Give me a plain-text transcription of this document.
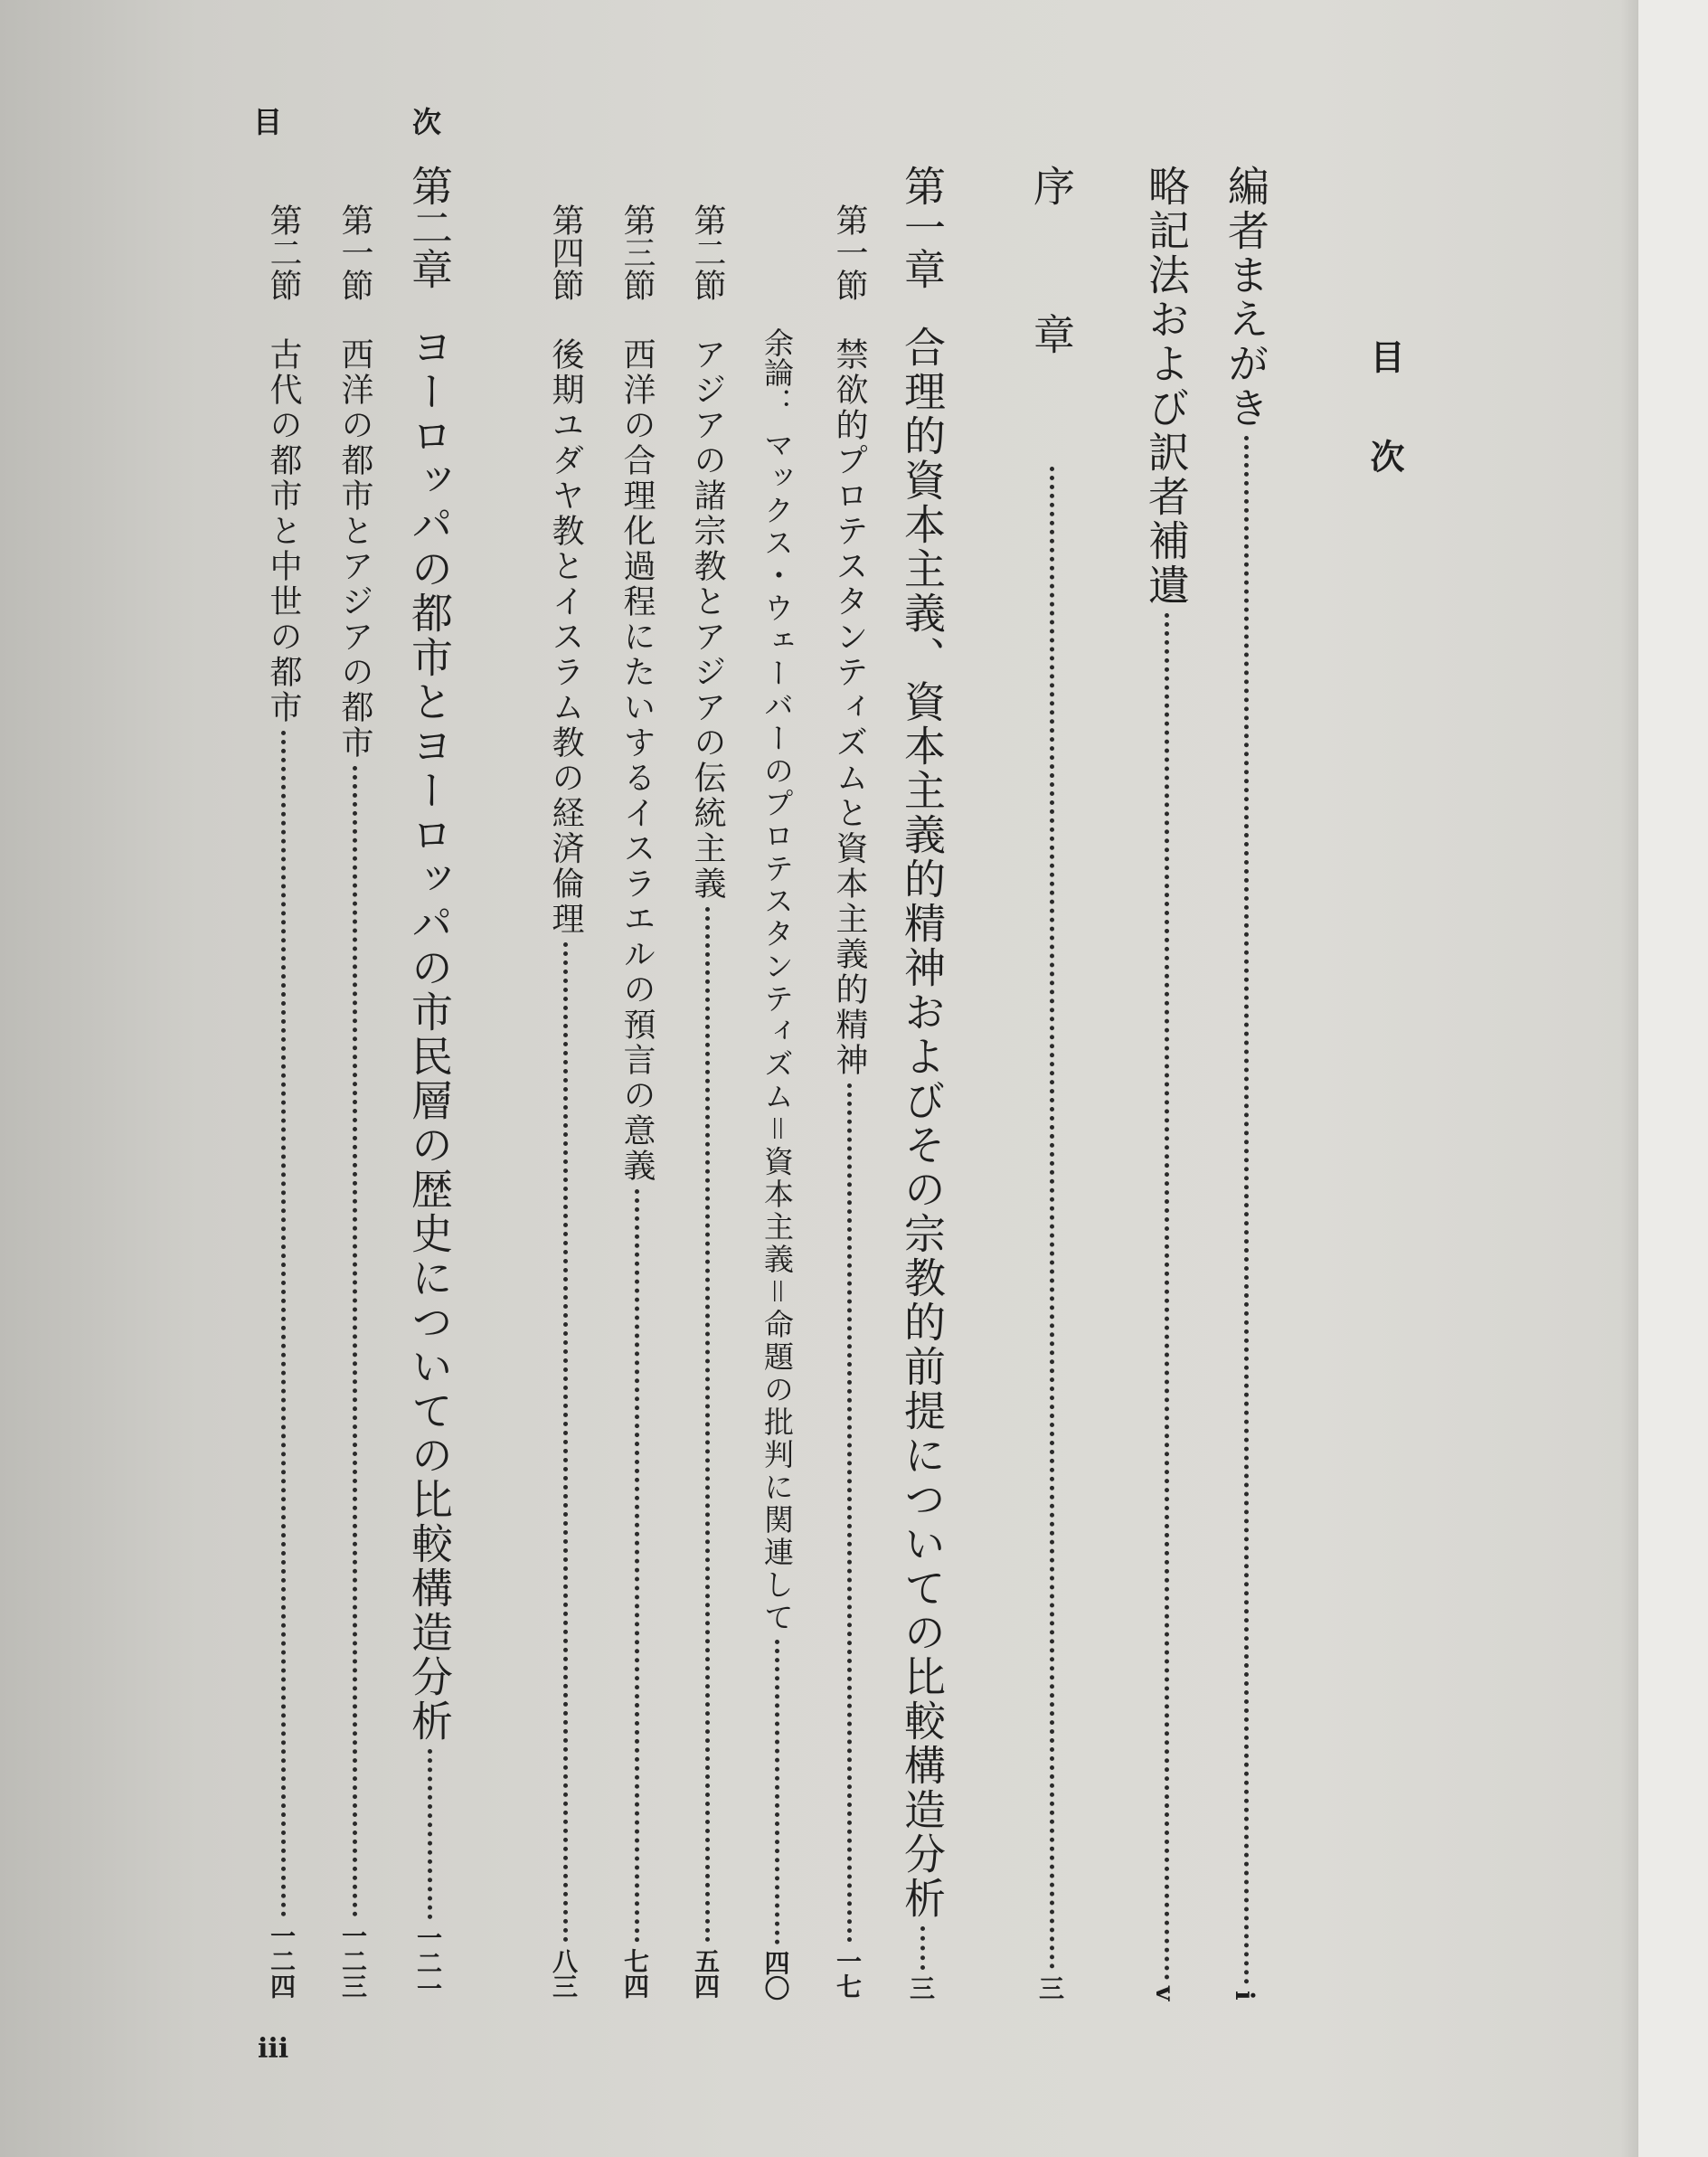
目　次
目次
編者まえがき
i
略記法および訳者補遺
v
序章
三
第一章
合理的資本主義、資本主義的精神およびその宗教的前提についての比較構造分析
三
第一節
禁欲的プロテスタンティズムと資本主義的精神
一七
余論：
マックス・ウェーバーのプロテスタンティズム＝資本主義＝命題の批判に関連して
四〇
第二節
アジアの諸宗教とアジアの伝統主義
五四
第三節
西洋の合理化過程にたいするイスラエルの預言の意義
七四
第四節
後期ユダヤ教とイスラム教の経済倫理
八三
第二章
ヨーロッパの都市とヨーロッパの市民層の歴史についての比較構造分析
一二一
第一節
西洋の都市とアジアの都市
一二三
第二節
古代の都市と中世の都市
一二四
iii
